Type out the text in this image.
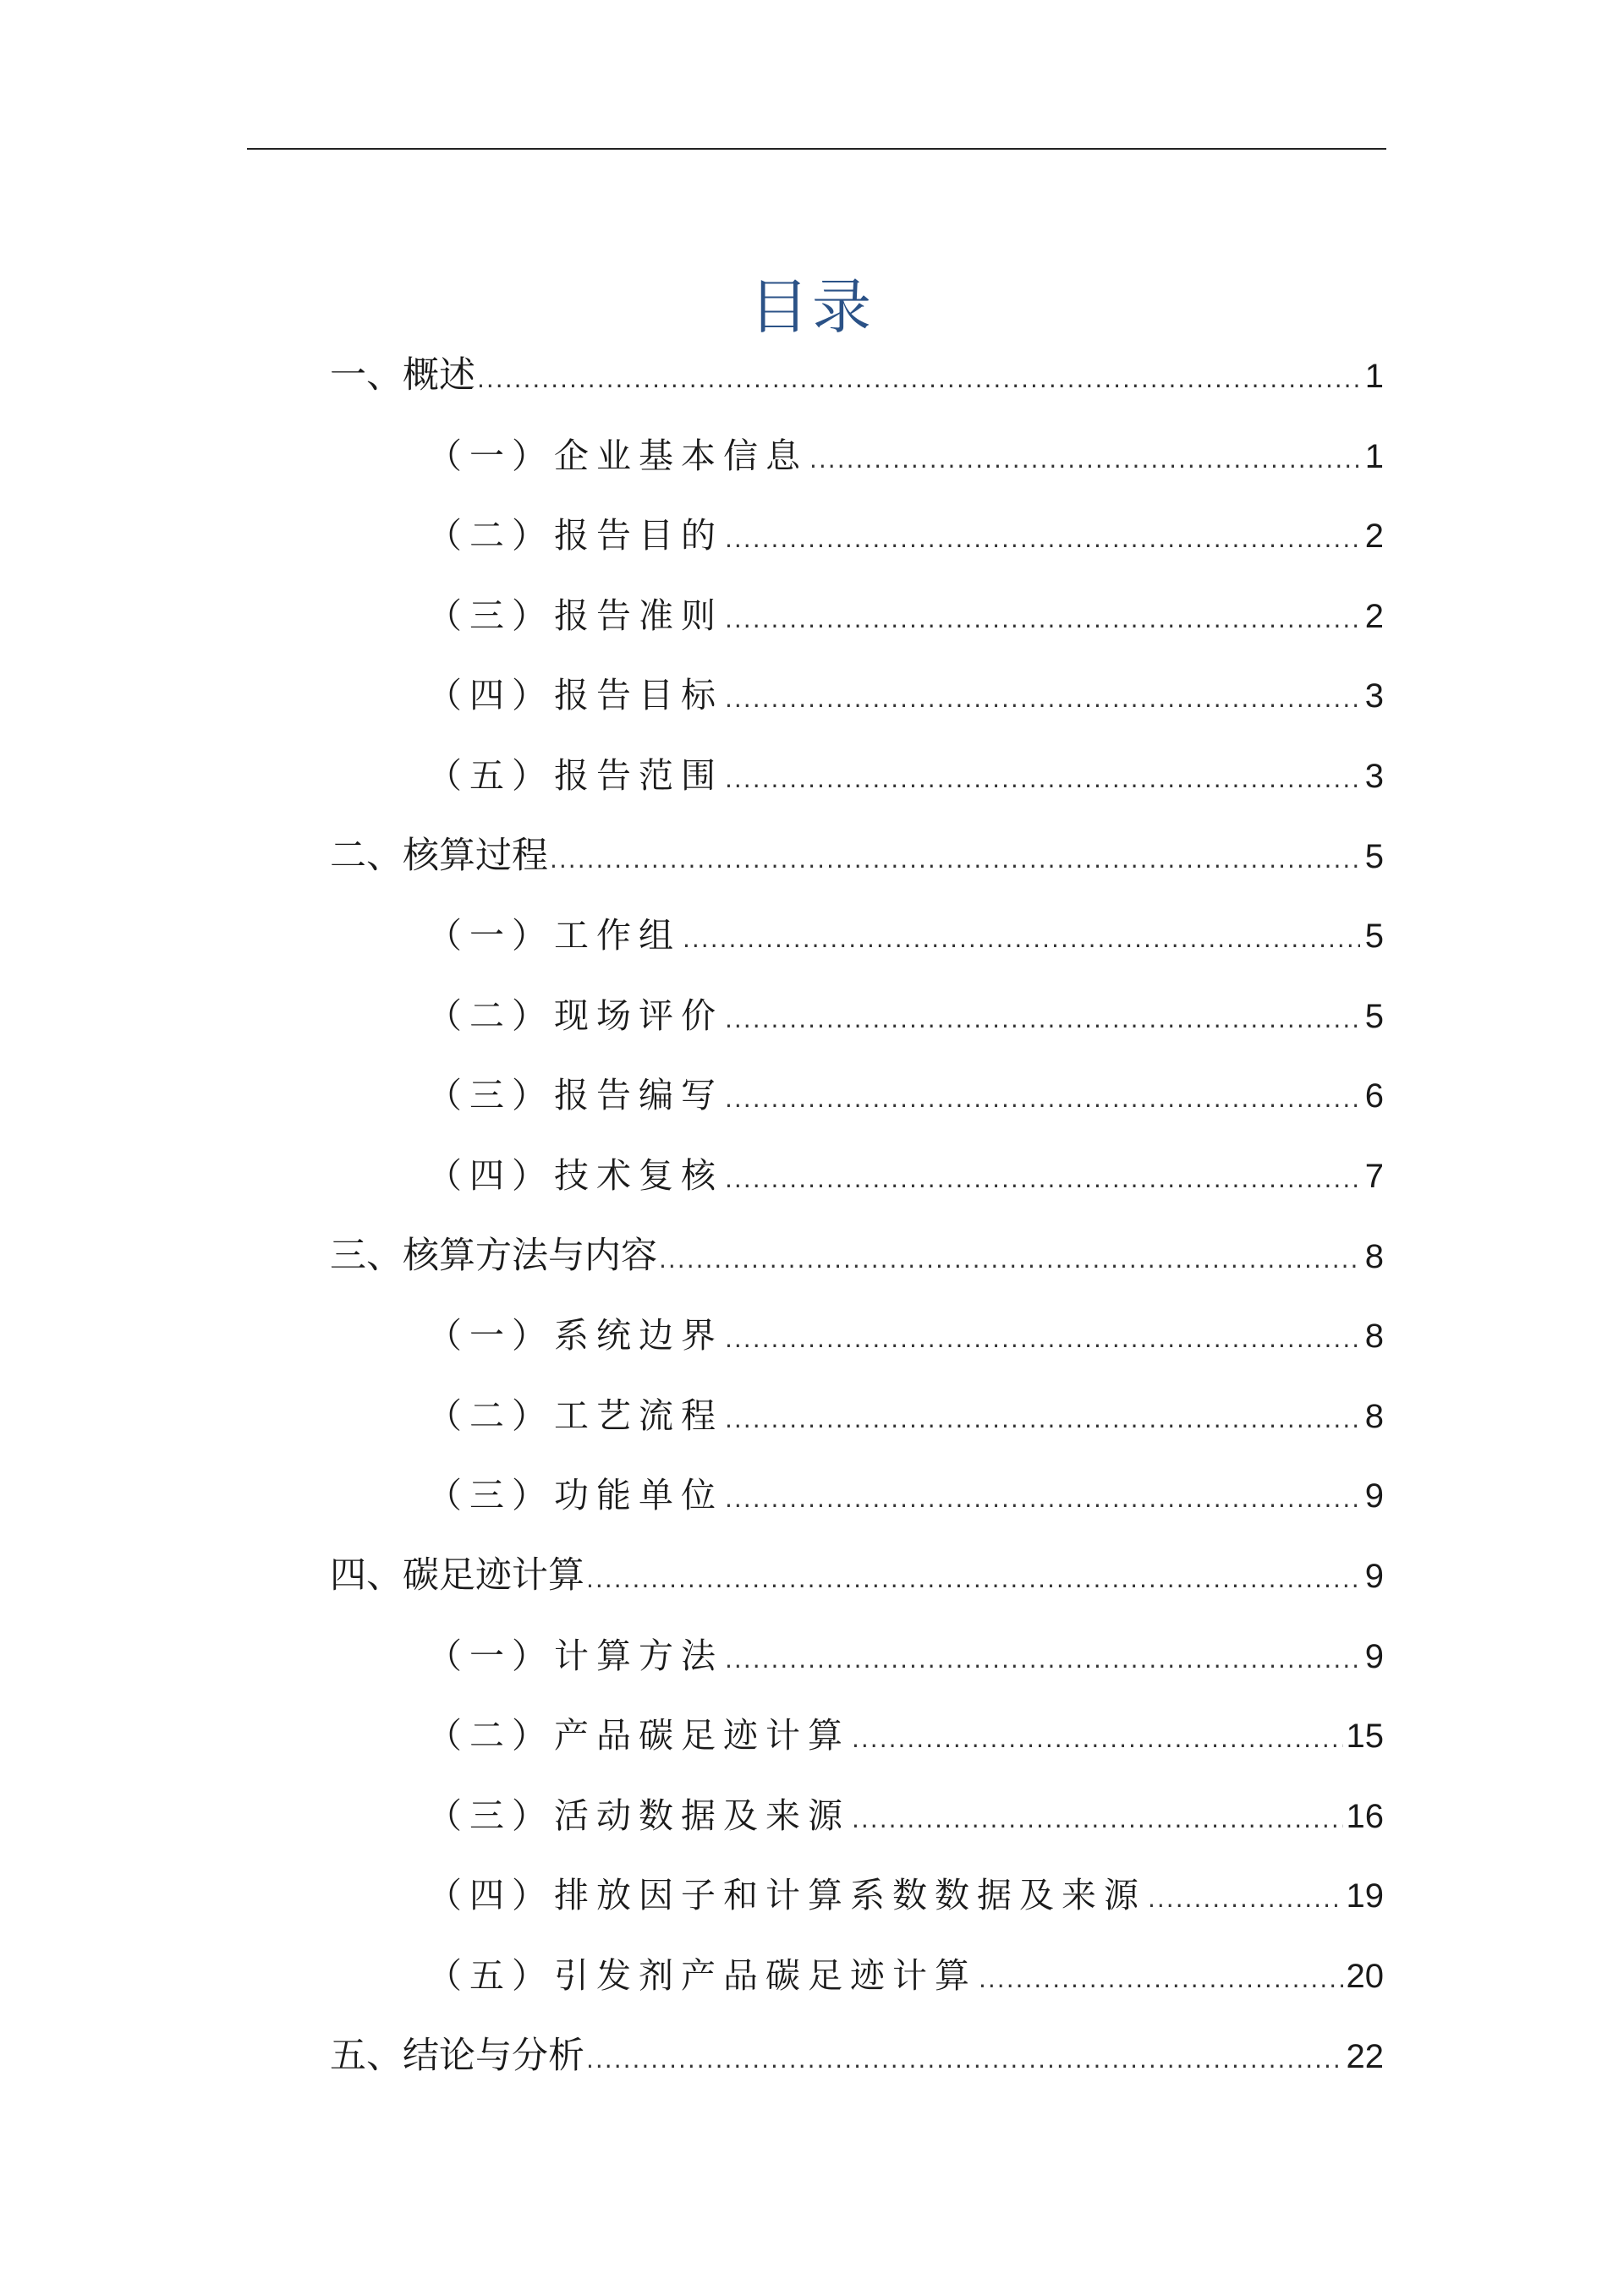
目录
一、概述 .....	1
（一）企业基本信息 .....	1
（二）报告目的 .....	2
（三）报告准则 .....	2
（四）报告目标 .....	3
（五）报告范围 .....	3
二、核算过程 .....	5
（一）工作组 .....	5
（二）现场评价 .....	5
（三）报告编写 .....	6
（四）技术复核 .....	7
三、核算方法与内容 .....	8
（一）系统边界 .....	8
（二）工艺流程 .....	8
（三）功能单位 .....	9
四、碳足迹计算 .....	9
（一）计算方法 .....	9
（二）产品碳足迹计算 .....	15
（三）活动数据及来源 .....	16
（四）排放因子和计算系数数据及来源 .....	19
（五）引发剂产品碳足迹计算 .....	20
五、结论与分析 .....	22
